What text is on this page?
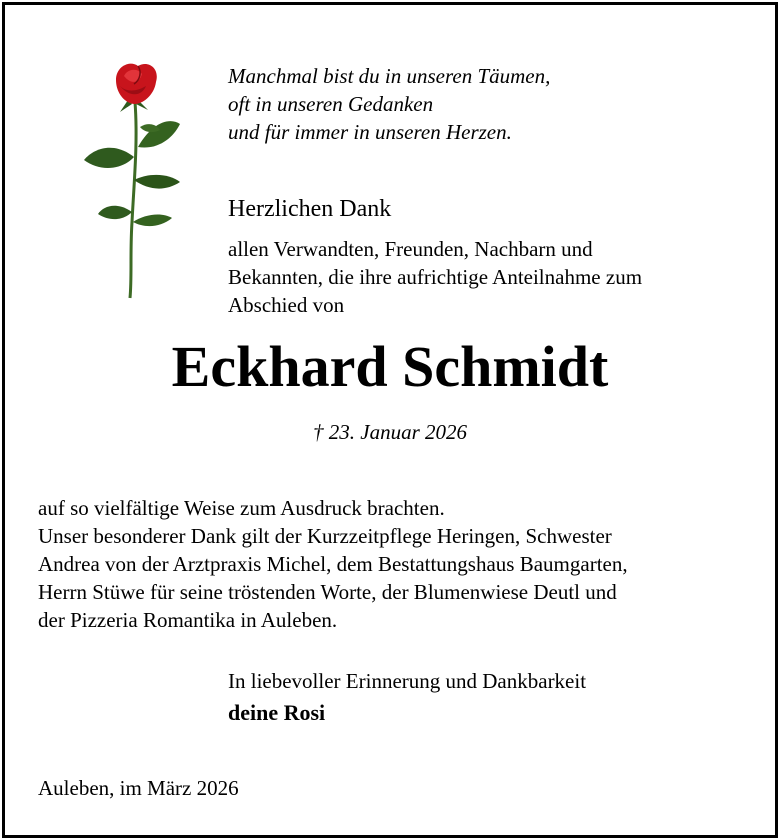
Manchmal bist du in unseren Täumen,
oft in unseren Gedanken
und für immer in unseren Herzen.
Herzlichen Dank
allen Verwandten, Freunden, Nachbarn und
Bekannten, die ihre aufrichtige Anteilnahme zum
Abschied von
Eckhard Schmidt
† 23. Januar 2026
auf so vielfältige Weise zum Ausdruck brachten.
Unser besonderer Dank gilt der Kurzzeitpflege Heringen, Schwester
Andrea von der Arztpraxis Michel, dem Bestattungshaus Baumgarten,
Herrn Stüwe für seine tröstenden Worte, der Blumenwiese Deutl und
der Pizzeria Romantika in Auleben.
In liebevoller Erinnerung und Dankbarkeit
deine Rosi
Auleben, im März 2026
